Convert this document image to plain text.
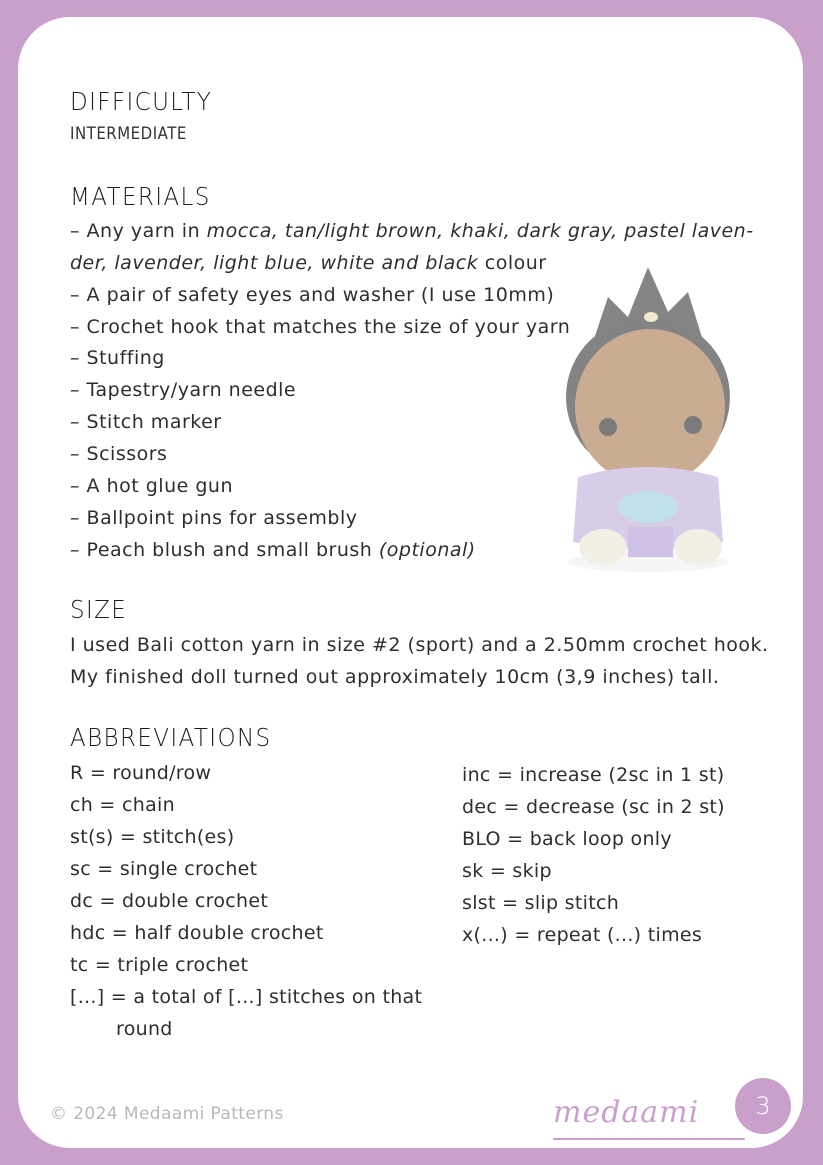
DIFFICULTY
INTERMEDIATE
MATERIALS
– Any yarn in mocca, tan/light brown, khaki, dark gray, pastel laven-
der, lavender, light blue, white and black colour
– A pair of safety eyes and washer (I use 10mm)
– Crochet hook that matches the size of your yarn
– Stuffing
– Tapestry/yarn needle
– Stitch marker
– Scissors
– A hot glue gun
– Ballpoint pins for assembly
– Peach blush and small brush (optional)
SIZE
I used Bali cotton yarn in size #2 (sport) and a 2.50mm crochet hook.
My finished doll turned out approximately 10cm (3,9 inches) tall.
ABBREVIATIONS
R = round/row
ch = chain
st(s) = stitch(es)
sc = single crochet
dc = double crochet
hdc = half double crochet
tc = triple crochet
[...] = a total of [...] stitches on that
round
inc = increase (2sc in 1 st)
dec = decrease (sc in 2 st)
BLO = back loop only
sk = skip
slst = slip stitch
x(...) = repeat (...) times
© 2024 Medaami Patterns	medaami 3
